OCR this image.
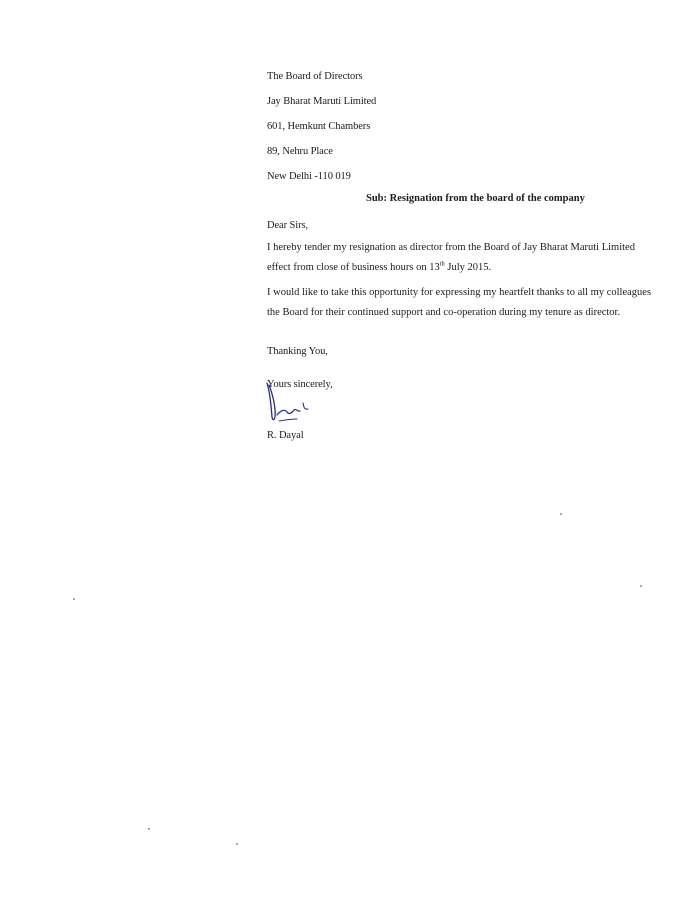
The Board of Directors
Jay Bharat Maruti Limited
601, Hemkunt Chambers
89, Nehru Place
New Delhi -110 019
Sub: Resignation from the board of the company
Dear Sirs,
I hereby tender my resignation as director from the Board of Jay Bharat Maruti Limited
effect from close of business hours on 13th July 2015.
I would like to take this opportunity for expressing my heartfelt thanks to all my colleagues
the Board for their continued support and co-operation during my tenure as director.
Thanking You,
Yours sincerely,
R. Dayal
